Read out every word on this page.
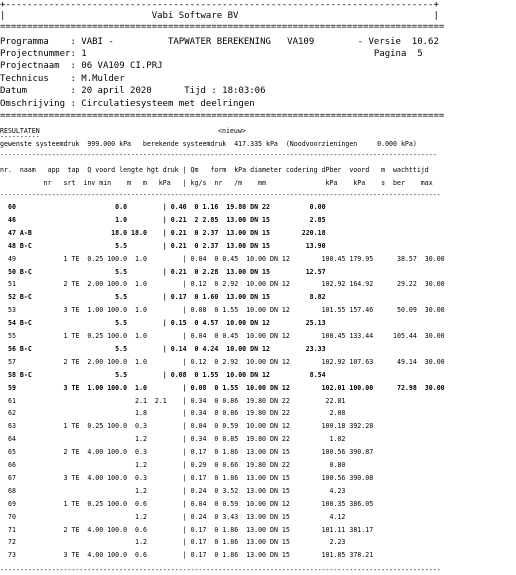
+-------------------------------------------------------------------------------+
|                           Vabi Software BV                                    |
==================================================================================
Programma    : VABI -          TAPWATER BEREKENING   VA109        - Versie  10.62
Projectnummer: 1                                                     Pagina  5
Projectnaam  : 06 VA109 CI.PRJ
Technicus    : M.Mulder
Datum        : 20 april 2020      Tijd : 18:03:06
Omschrijving : Circulatiesysteem met deelringen
==================================================================================
RESULTATEN	<nieuw>
----------
gewenste systeemdruk  999.000 kPa   berekende systeemdruk  417.335 kPa  (Noodvoorzieningen     0.000 kPa)
--------------------------------------------------------------------------------------------------------------
nr.  naam   app  tap  Q voord lengte hgt druk | Qm   form  kPa diameter codering dPber  voord   m  wachttijd
nr   srt  inv min    m   m   kPa   | kg/s  nr   /m    mm               kPa    kPa    s  ber    max
---------------------------------------------------------------------------------------------------------------
60                         0.0         | 0.40  0 1.16  19.80 DN 22          0.00
46                         1.0         | 0.21  2 2.85  13.00 DN 15          2.85
47 A-B                    18.0 18.0    | 0.21  0 2.37  13.00 DN 15        220.18
48 B-C                     5.5         | 0.21  0 2.37  13.00 DN 15         13.90
49            1 TE  0.25 100.0  1.0         | 0.04  0 0.45  10.00 DN 12        100.45 179.95      38.57  30.00
50 B-C                     5.5         | 0.21  0 2.28  13.00 DN 15         12.57
51            2 TE  2.00 100.0  1.0         | 0.12  0 2.92  10.00 DN 12        102.92 164.92      29.22  30.00
52 B-C                     5.5         | 0.17  0 1.60  13.00 DN 15          8.82
53            3 TE  1.00 100.0  1.0         | 0.08  0 1.55  10.00 DN 12        101.55 157.46      50.09  30.00
54 B-C                     5.5         | 0.15  0 4.57  10.00 DN 12         25.13
55            1 TE  0.25 100.0  1.0         | 0.04  0 0.45  10.00 DN 12        100.45 133.44     105.44  30.00
56 B-C                     5.5         | 0.14  0 4.24  10.00 DN 12         23.33
57            2 TE  2.00 100.0  1.0         | 0.12  0 2.92  10.00 DN 12        102.92 107.63      49.14  30.00
58 B-C                     5.5         | 0.08  0 1.55  10.00 DN 12          8.54
59            3 TE  1.00 100.0  1.0         | 0.08  0 1.55  10.00 DN 12        102.01 100.00      72.98  30.00
61                              2.1  2.1    | 0.34  0 0.86  19.80 DN 22         22.81
62                              1.8         | 0.34  0 0.86  19.80 DN 22          2.08
63            1 TE  0.25 100.0  0.3         | 0.04  0 0.59  10.00 DN 12        100.18 392.28
64                              1.2         | 0.34  0 0.85  19.80 DN 22          1.02
65            2 TE  4.00 100.0  0.3         | 0.17  0 1.86  13.00 DN 15        100.56 390.87
66                              1.2         | 0.29  0 0.66  19.80 DN 22          0.80
67            3 TE  4.00 100.0  0.3         | 0.17  0 1.86  13.00 DN 15        100.56 390.08
68                              1.2         | 0.24  0 3.52  13.00 DN 15          4.23
69            1 TE  0.25 100.0  0.6         | 0.04  0 0.59  10.00 DN 12        100.35 386.05
70                              1.2         | 0.24  0 3.43  13.00 DN 15          4.12
71            2 TE  4.00 100.0  0.6         | 0.17  0 1.86  13.00 DN 15        101.11 381.17
72                              1.2         | 0.17  0 1.86  13.00 DN 15          2.23
73            3 TE  4.00 100.0  0.6         | 0.17  0 1.86  13.00 DN 15        101.85 378.21
---------------------------------------------------------------------------------------------------------------
